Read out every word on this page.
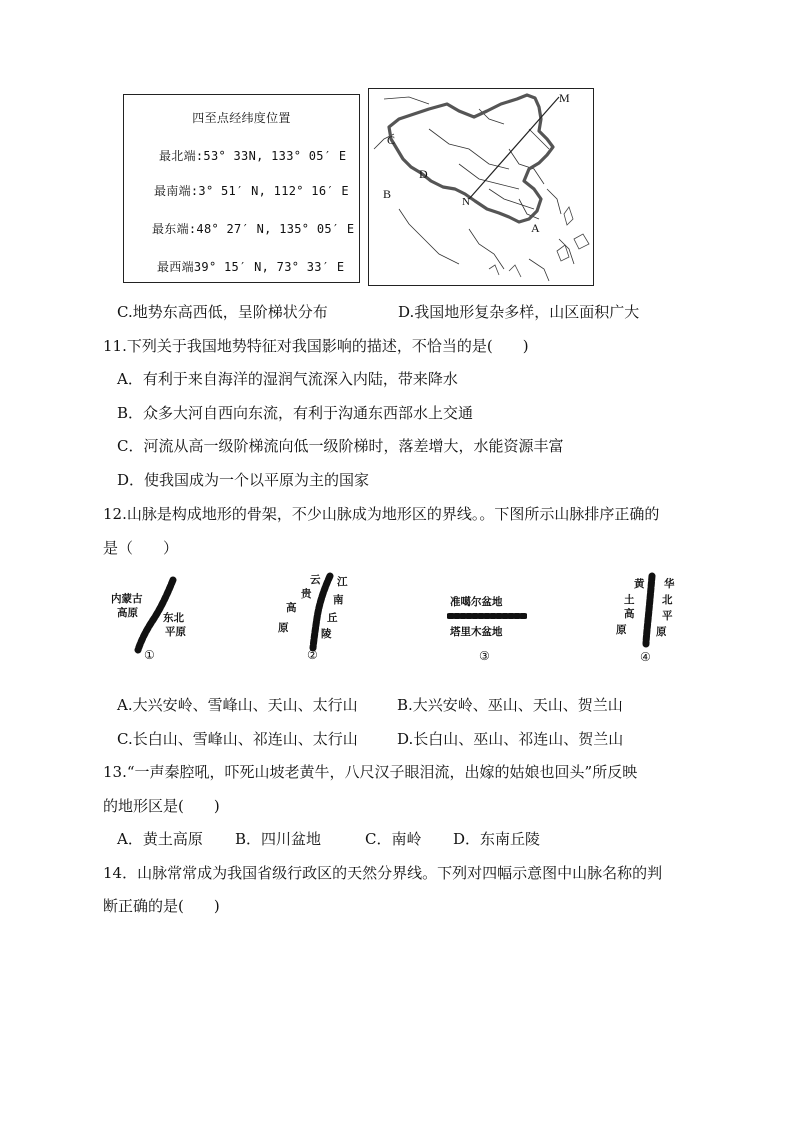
四至点经纬度位置
最北端:53° 33N, 133° 05′ E
最南端:3° 51′ N, 112° 16′ E
最东端:48° 27′ N, 135° 05′ E
最西端39° 15′ N, 73° 33′ E
M
C
D
B
N
A
C.地势东高西低，呈阶梯状分布	D.我国地形复杂多样，山区面积广大
11.下列关于我国地势特征对我国影响的描述，不恰当的是(　　)
A．有利于来自海洋的湿润气流深入内陆，带来降水
B．众多大河自西向东流，有利于沟通东西部水上交通
C．河流从高一级阶梯流向低一级阶梯时，落差增大，水能资源丰富
D．使我国成为一个以平原为主的国家
12.山脉是构成地形的骨架，不少山脉成为地形区的界线。。下图所示山脉排序正确的
是（　　）
内蒙古
高原 东北
平原
①
云
贵
高
原
江
南
丘
陵
②
准噶尔盆地
塔里木盆地
③
黄
土
高
原
华
北
平
原
④
A.大兴安岭、雪峰山、天山、太行山	B.大兴安岭、巫山、天山、贺兰山
C.长白山、雪峰山、祁连山、太行山	D.长白山、巫山、祁连山、贺兰山
13.“一声秦腔吼，吓死山坡老黄牛，八尺汉子眼泪流，出嫁的姑娘也回头”所反映
的地形区是(　　)
A．黄土高原 B．四川盆地	C．南岭 D．东南丘陵
14．山脉常常成为我国省级行政区的天然分界线。下列对四幅示意图中山脉名称的判
断正确的是(　　)
